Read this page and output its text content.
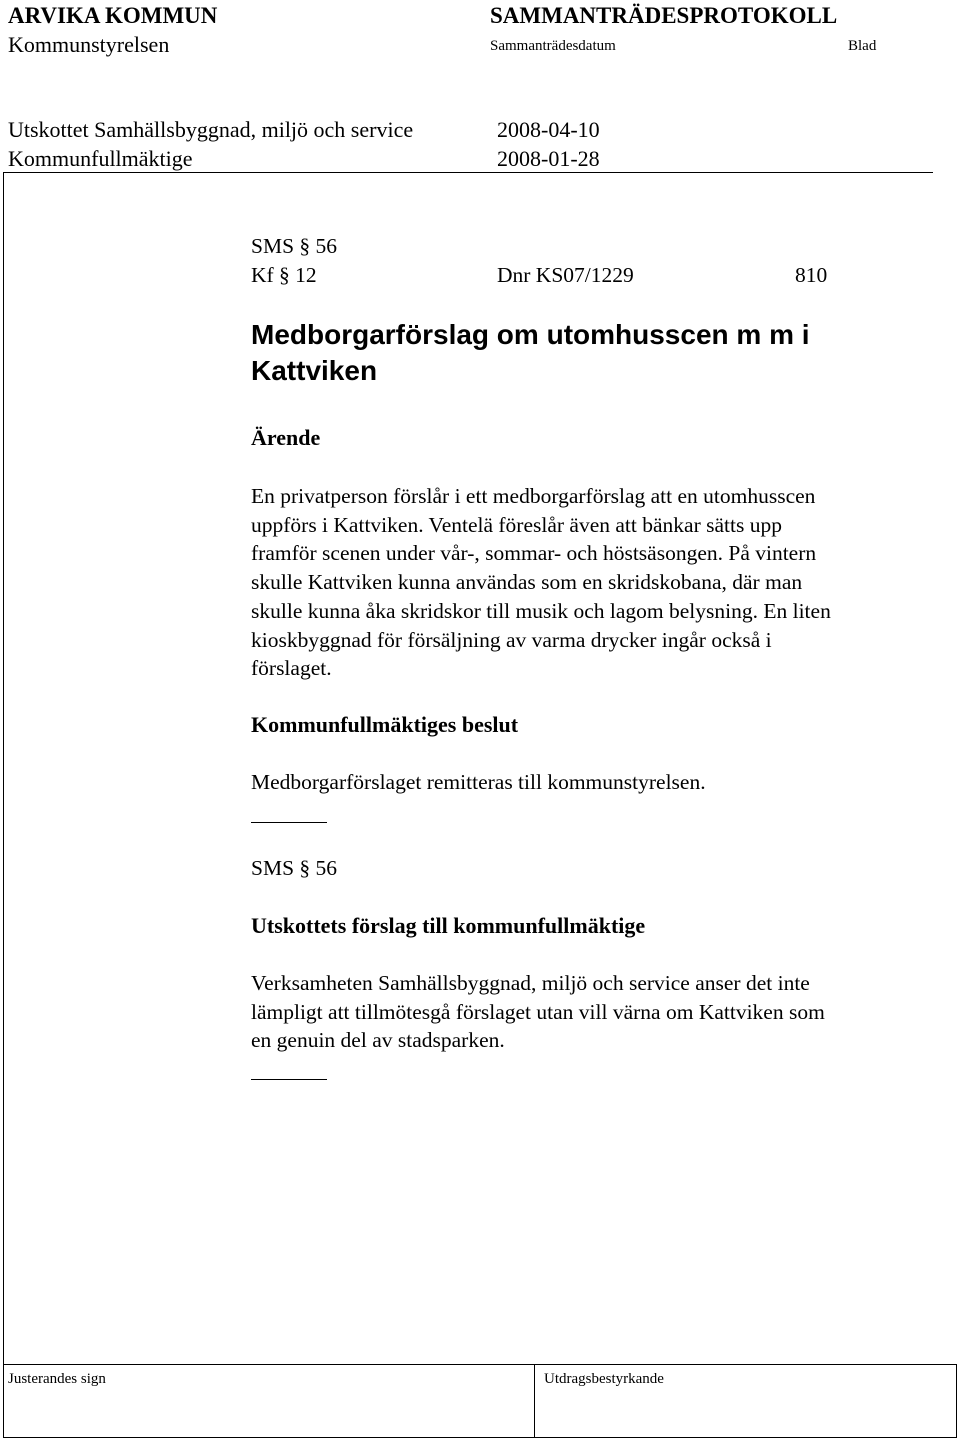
ARVIKA KOMMUN	SAMMANTRÄDESPROTOKOLL
Kommunstyrelsen	Sammanträdesdatum	Blad
Utskottet Samhällsbyggnad, miljö och service	2008-04-10
Kommunfullmäktige	2008-01-28
SMS § 56
Kf § 12	Dnr KS07/1229	810
Medborgarförslag om utomhusscen m m i
Kattviken
Ärende
En privatperson förslår i ett medborgarförslag att en utomhusscen
uppförs i Kattviken. Ventelä föreslår även att bänkar sätts upp
framför scenen under vår-, sommar- och höstsäsongen. På vintern
skulle Kattviken kunna användas som en skridskobana, där man
skulle kunna åka skridskor till musik och lagom belysning. En liten
kioskbyggnad för försäljning av varma drycker ingår också i
förslaget.
Kommunfullmäktiges beslut
Medborgarförslaget remitteras till kommunstyrelsen.
SMS § 56
Utskottets förslag till kommunfullmäktige
Verksamheten Samhällsbyggnad, miljö och service anser det inte
lämpligt att tillmötesgå förslaget utan vill värna om Kattviken som
en genuin del av stadsparken.
Justerandes sign	Utdragsbestyrkande
